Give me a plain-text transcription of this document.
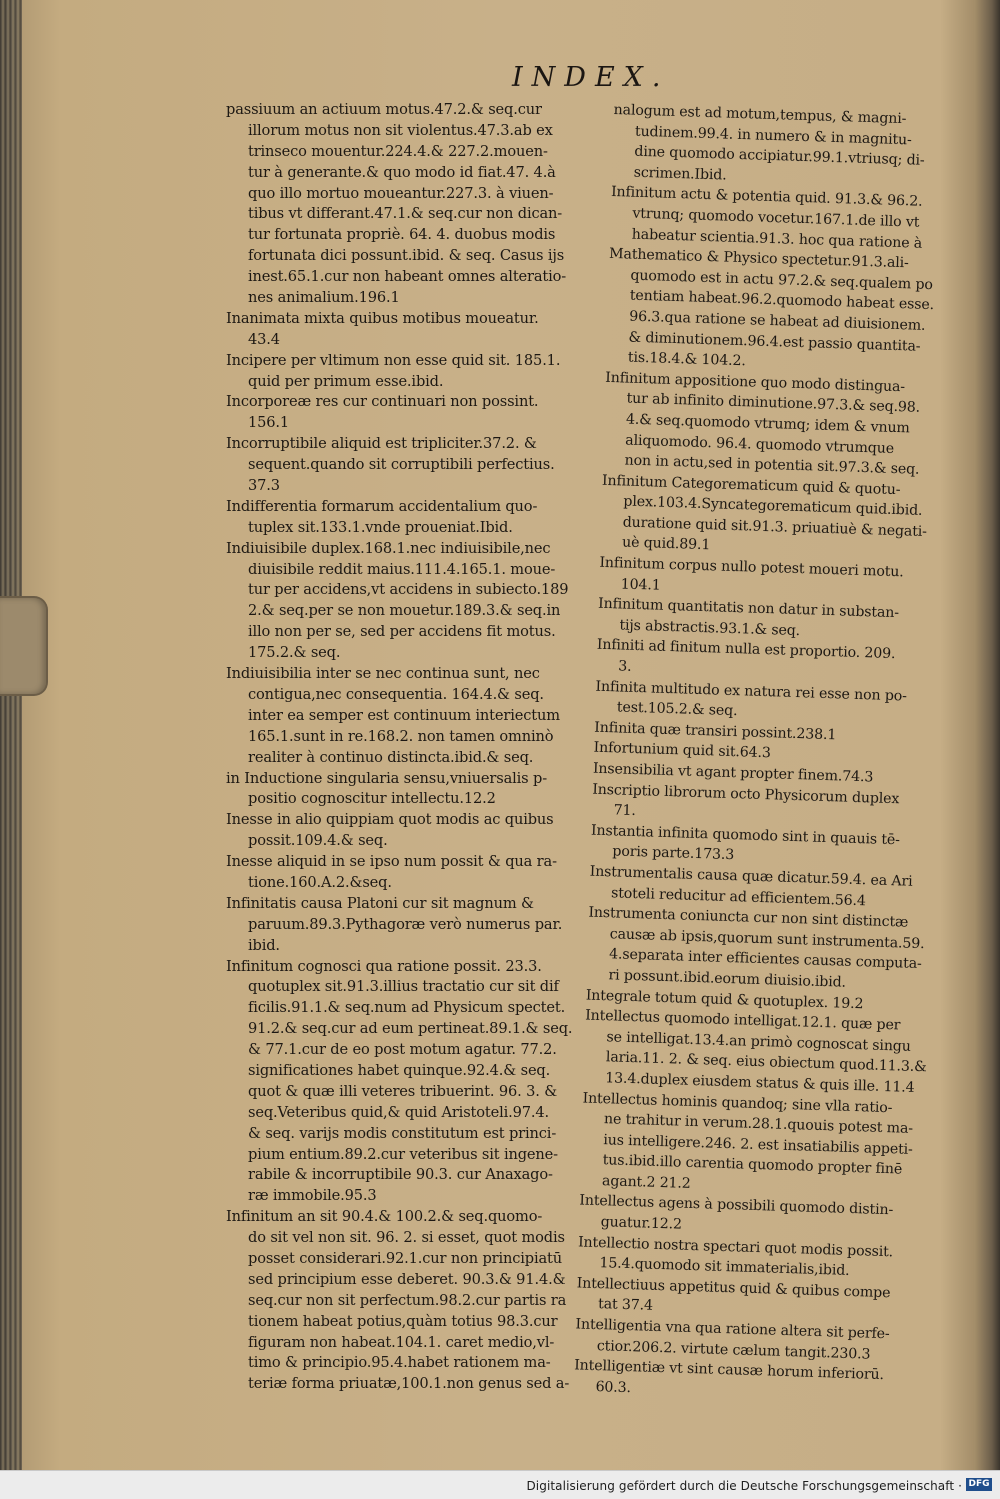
INDEX.
passiuum an actiuum motus.47.2.& seq.cur
illorum motus non sit violentus.47.3.ab ex
trinseco mouentur.224.4.& 227.2.mouen-
tur à generante.& quo modo id fiat.47. 4.à
quo illo mortuo moueantur.227.3. à viuen-
tibus vt differant.47.1.& seq.cur non dican-
tur fortunata propriè. 64. 4. duobus modis
fortunata dici possunt.ibid. & seq. Casus ijs
inest.65.1.cur non habeant omnes alteratio-
nes animalium.196.1
Inanimata mixta quibus motibus moueatur.
43.4
Incipere per vltimum non esse quid sit. 185.1.
quid per primum esse.ibid.
Incorporeæ res cur continuari non possint.
156.1
Incorruptibile aliquid est tripliciter.37.2. &
sequent.quando sit corruptibili perfectius.
37.3
Indifferentia formarum accidentalium quo-
tuplex sit.133.1.vnde proueniat.Ibid.
Indiuisibile duplex.168.1.nec indiuisibile,nec
diuisibile reddit maius.111.4.165.1. moue-
tur per accidens,vt accidens in subiecto.189
2.& seq.per se non mouetur.189.3.& seq.in
illo non per se, sed per accidens fit motus.
175.2.& seq.
Indiuisibilia inter se nec continua sunt, nec
contigua,nec consequentia. 164.4.& seq.
inter ea semper est continuum interiectum
165.1.sunt in re.168.2. non tamen omninò
realiter à continuo distincta.ibid.& seq.
in Inductione singularia sensu,vniuersalis p-
positio cognoscitur intellectu.12.2
Inesse in alio quippiam quot modis ac quibus
possit.109.4.& seq.
Inesse aliquid in se ipso num possit & qua ra-
tione.160.A.2.&seq.
Infinitatis causa Platoni cur sit magnum &
paruum.89.3.Pythagoræ verò numerus par.
ibid.
Infinitum cognosci qua ratione possit. 23.3.
quotuplex sit.91.3.illius tractatio cur sit dif
ficilis.91.1.& seq.num ad Physicum spectet.
91.2.& seq.cur ad eum pertineat.89.1.& seq.
& 77.1.cur de eo post motum agatur. 77.2.
significationes habet quinque.92.4.& seq.
quot & quæ illi veteres tribuerint. 96. 3. &
seq.Veteribus quid,& quid Aristoteli.97.4.
& seq. varijs modis constitutum est princi-
pium entium.89.2.cur veteribus sit ingene-
rabile & incorruptibile 90.3. cur Anaxago-
ræ immobile.95.3
Infinitum an sit 90.4.& 100.2.& seq.quomo-
do sit vel non sit. 96. 2. si esset, quot modis
posset considerari.92.1.cur non principiatū
sed principium esse deberet. 90.3.& 91.4.&
seq.cur non sit perfectum.98.2.cur partis ra
tionem habeat potius,quàm totius 98.3.cur
figuram non habeat.104.1. caret medio,vl-
timo & principio.95.4.habet rationem ma-
teriæ forma priuatæ,100.1.non genus sed a-
nalogum est ad motum,tempus, & magni-
tudinem.99.4. in numero & in magnitu-
dine quomodo accipiatur.99.1.vtriusq; di-
scrimen.Ibid.
Infinitum actu & potentia quid. 91.3.& 96.2.
vtrunq; quomodo vocetur.167.1.de illo vt
habeatur scientia.91.3. hoc qua ratione à
Mathematico & Physico spectetur.91.3.ali-
quomodo est in actu 97.2.& seq.qualem po
tentiam habeat.96.2.quomodo habeat esse.
96.3.qua ratione se habeat ad diuisionem.
& diminutionem.96.4.est passio quantita-
tis.18.4.& 104.2.
Infinitum appositione quo modo distingua-
tur ab infinito diminutione.97.3.& seq.98.
4.& seq.quomodo vtrumq; idem & vnum
aliquomodo. 96.4. quomodo vtrumque
non in actu,sed in potentia sit.97.3.& seq.
Infinitum Categorematicum quid & quotu-
plex.103.4.Syncategorematicum quid.ibid.
duratione quid sit.91.3. priuatiuè & negati-
uè quid.89.1
Infinitum corpus nullo potest moueri motu.
104.1
Infinitum quantitatis non datur in substan-
tijs abstractis.93.1.& seq.
Infiniti ad finitum nulla est proportio. 209.
3.
Infinita multitudo ex natura rei esse non po-
test.105.2.& seq.
Infinita quæ transiri possint.238.1
Infortunium quid sit.64.3
Insensibilia vt agant propter finem.74.3
Inscriptio librorum octo Physicorum duplex
71.
Instantia infinita quomodo sint in quauis tē-
poris parte.173.3
Instrumentalis causa quæ dicatur.59.4. ea Ari
stoteli reducitur ad efficientem.56.4
Instrumenta coniuncta cur non sint distinctæ
causæ ab ipsis,quorum sunt instrumenta.59.
4.separata inter efficientes causas computa-
ri possunt.ibid.eorum diuisio.ibid.
Integrale totum quid & quotuplex. 19.2
Intellectus quomodo intelligat.12.1. quæ per
se intelligat.13.4.an primò cognoscat singu
laria.11. 2. & seq. eius obiectum quod.11.3.&
13.4.duplex eiusdem status & quis ille. 11.4
Intellectus hominis quandoq; sine vlla ratio-
ne trahitur in verum.28.1.quouis potest ma-
ius intelligere.246. 2. est insatiabilis appeti-
tus.ibid.illo carentia quomodo propter finē
agant.2 21.2
Intellectus agens à possibili quomodo distin-
guatur.12.2
Intellectio nostra spectari quot modis possit.
15.4.quomodo sit immaterialis,ibid.
Intellectiuus appetitus quid & quibus compe
tat 37.4
Intelligentia vna qua ratione altera sit perfe-
ctior.206.2. virtute cælum tangit.230.3
Intelligentiæ vt sint causæ horum inferiorū.
60.3.
Digitalisierung gefördert durch die Deutsche Forschungsgemeinschaft · DFG
